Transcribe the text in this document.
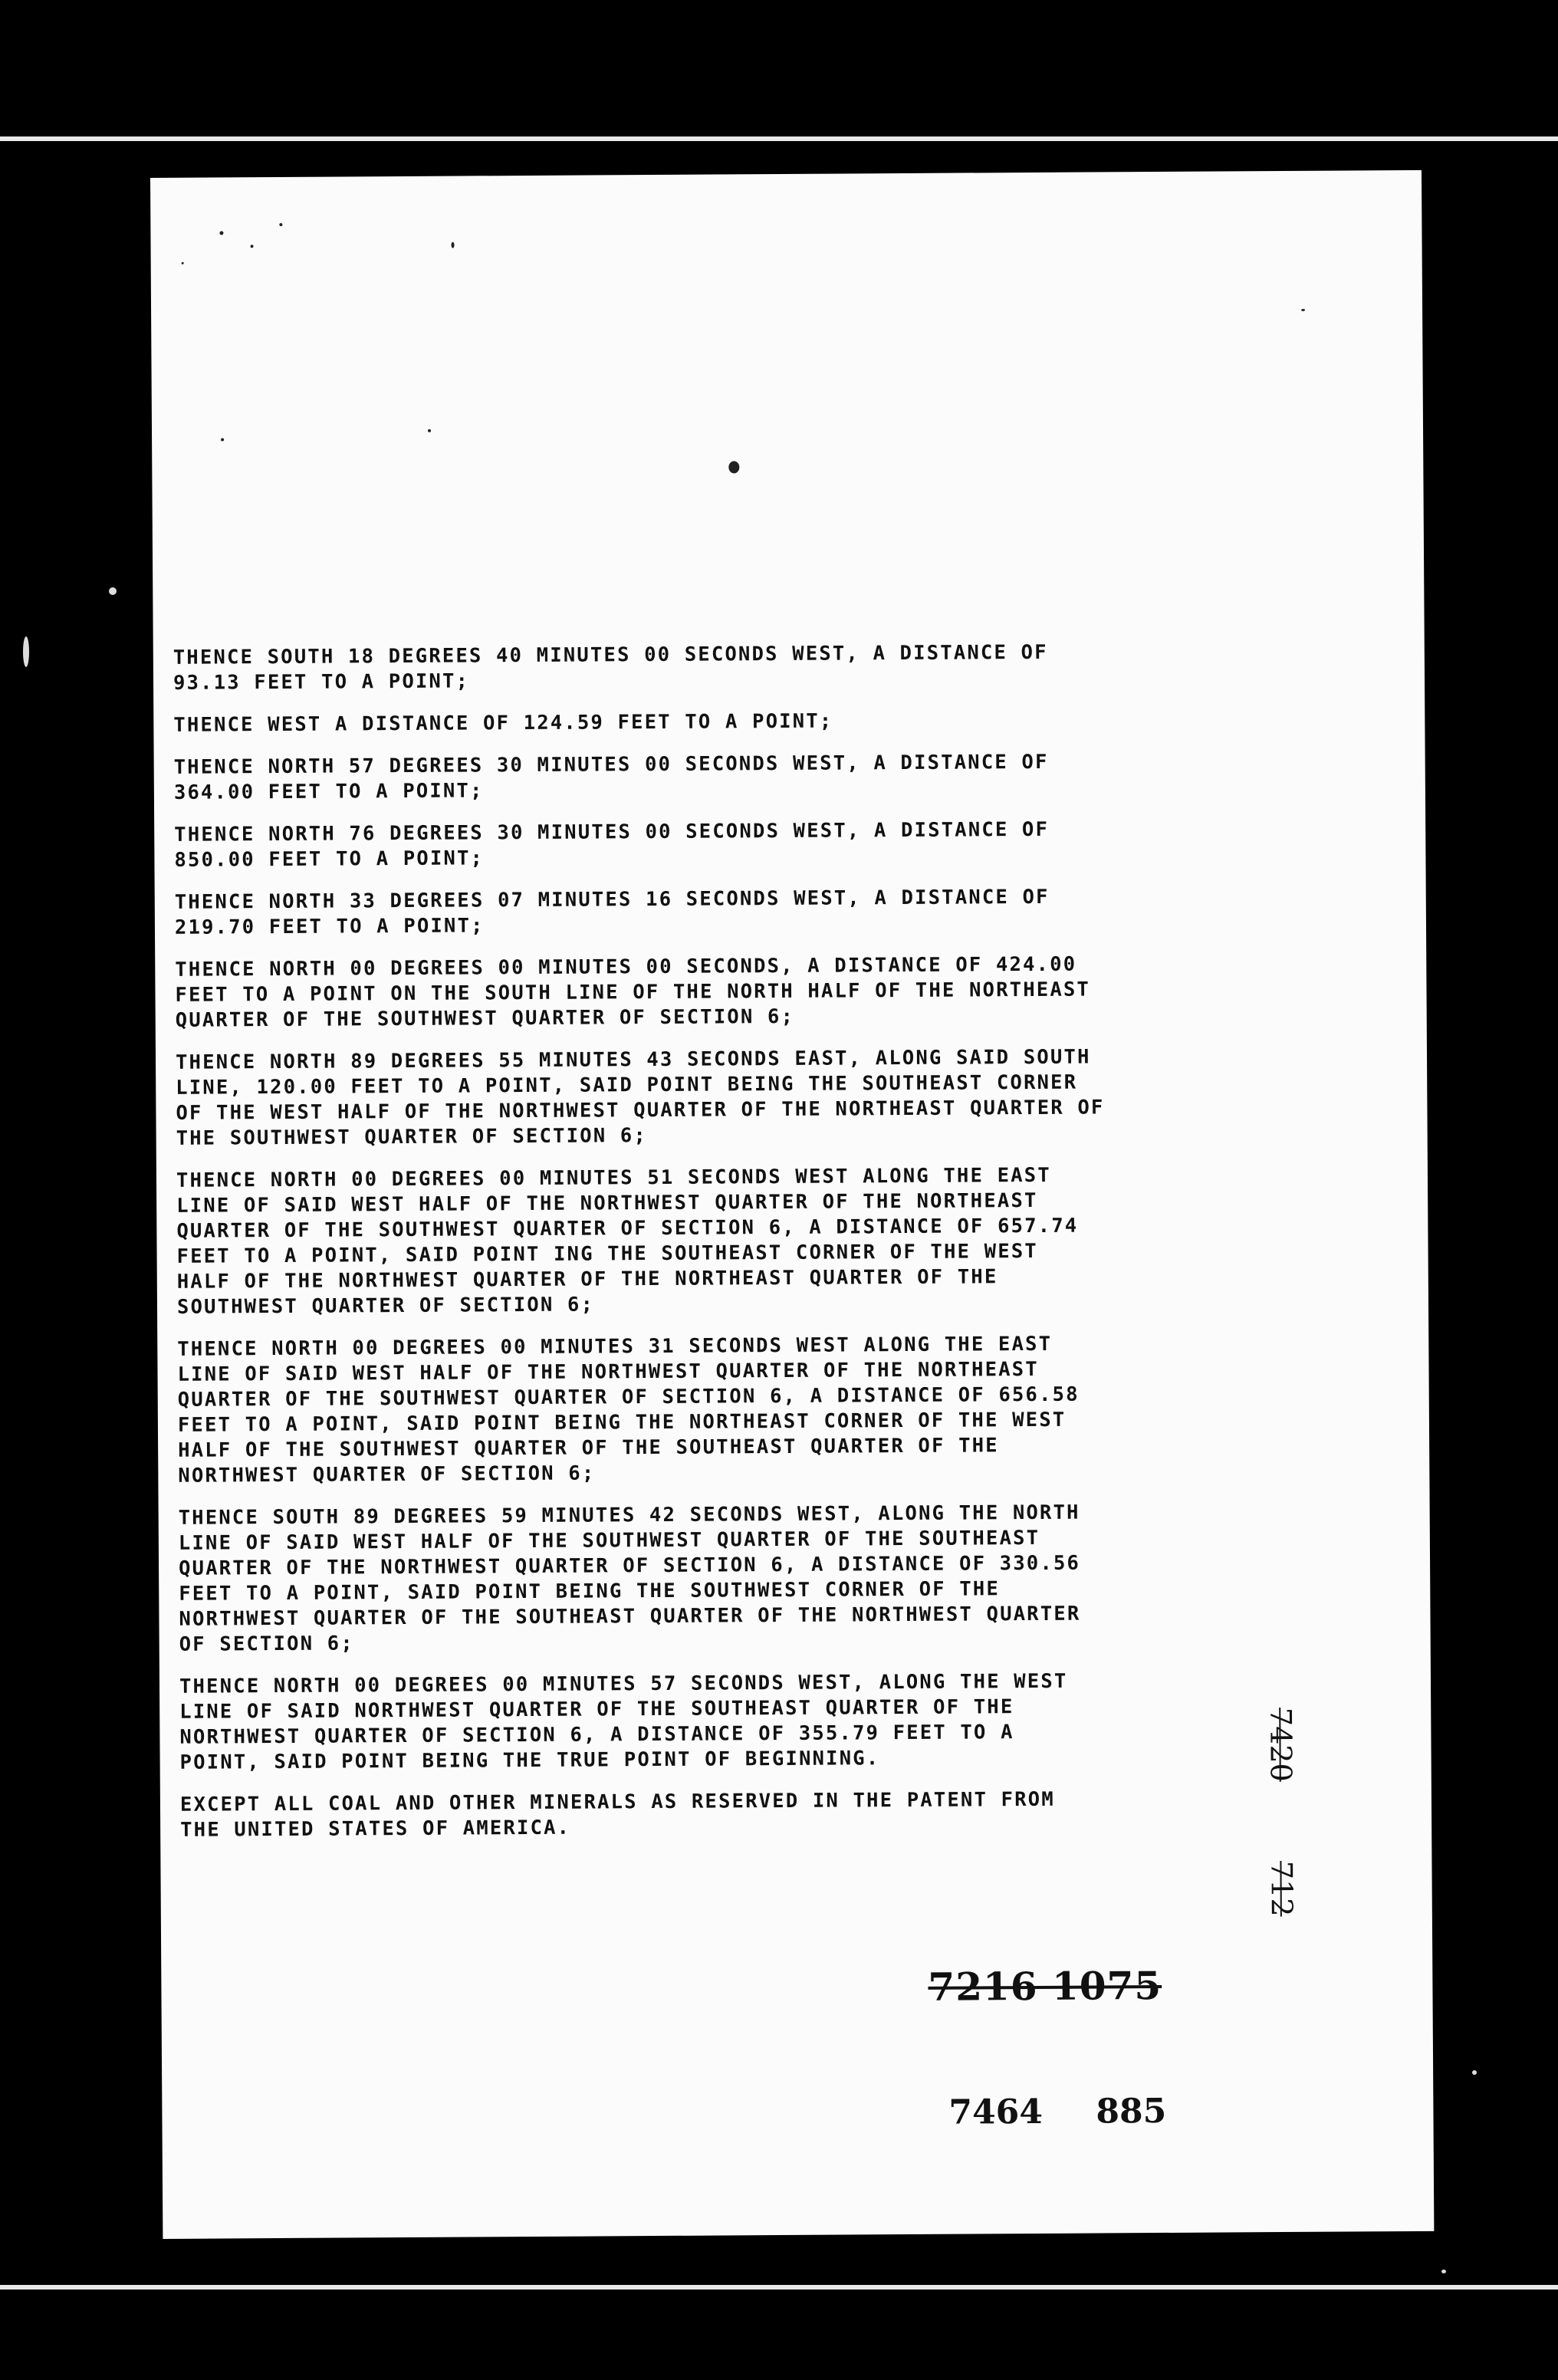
THENCE SOUTH 18 DEGREES 40 MINUTES 00 SECONDS WEST, A DISTANCE OF
93.13 FEET TO A POINT;

THENCE WEST A DISTANCE OF 124.59 FEET TO A POINT;

THENCE NORTH 57 DEGREES 30 MINUTES 00 SECONDS WEST, A DISTANCE OF
364.00 FEET TO A POINT;

THENCE NORTH 76 DEGREES 30 MINUTES 00 SECONDS WEST, A DISTANCE OF
850.00 FEET TO A POINT;

THENCE NORTH 33 DEGREES 07 MINUTES 16 SECONDS WEST, A DISTANCE OF
219.70 FEET TO A POINT;

THENCE NORTH 00 DEGREES 00 MINUTES 00 SECONDS, A DISTANCE OF 424.00
FEET TO A POINT ON THE SOUTH LINE OF THE NORTH HALF OF THE NORTHEAST
QUARTER OF THE SOUTHWEST QUARTER OF SECTION 6;

THENCE NORTH 89 DEGREES 55 MINUTES 43 SECONDS EAST, ALONG SAID SOUTH
LINE, 120.00 FEET TO A POINT, SAID POINT BEING THE SOUTHEAST CORNER
OF THE WEST HALF OF THE NORTHWEST QUARTER OF THE NORTHEAST QUARTER OF
THE SOUTHWEST QUARTER OF SECTION 6;

THENCE NORTH 00 DEGREES 00 MINUTES 51 SECONDS WEST ALONG THE EAST
LINE OF SAID WEST HALF OF THE NORTHWEST QUARTER OF THE NORTHEAST
QUARTER OF THE SOUTHWEST QUARTER OF SECTION 6, A DISTANCE OF 657.74
FEET TO A POINT, SAID POINT ING THE SOUTHEAST CORNER OF THE WEST
HALF OF THE NORTHWEST QUARTER OF THE NORTHEAST QUARTER OF THE
SOUTHWEST QUARTER OF SECTION 6;

THENCE NORTH 00 DEGREES 00 MINUTES 31 SECONDS WEST ALONG THE EAST
LINE OF SAID WEST HALF OF THE NORTHWEST QUARTER OF THE NORTHEAST
QUARTER OF THE SOUTHWEST QUARTER OF SECTION 6, A DISTANCE OF 656.58
FEET TO A POINT, SAID POINT BEING THE NORTHEAST CORNER OF THE WEST
HALF OF THE SOUTHWEST QUARTER OF THE SOUTHEAST QUARTER OF THE
NORTHWEST QUARTER OF SECTION 6;

THENCE SOUTH 89 DEGREES 59 MINUTES 42 SECONDS WEST, ALONG THE NORTH
LINE OF SAID WEST HALF OF THE SOUTHWEST QUARTER OF THE SOUTHEAST
QUARTER OF THE NORTHWEST QUARTER OF SECTION 6, A DISTANCE OF 330.56
FEET TO A POINT, SAID POINT BEING THE SOUTHWEST CORNER OF THE
NORTHWEST QUARTER OF THE SOUTHEAST QUARTER OF THE NORTHWEST QUARTER
OF SECTION 6;

THENCE NORTH 00 DEGREES 00 MINUTES 57 SECONDS WEST, ALONG THE WEST
LINE OF SAID NORTHWEST QUARTER OF THE SOUTHEAST QUARTER OF THE
NORTHWEST QUARTER OF SECTION 6, A DISTANCE OF 355.79 FEET TO A
POINT, SAID POINT BEING THE TRUE POINT OF BEGINNING.

EXCEPT ALL COAL AND OTHER MINERALS AS RESERVED IN THE PATENT FROM
THE UNITED STATES OF AMERICA.

7216 1075
7464 885
7420
712
